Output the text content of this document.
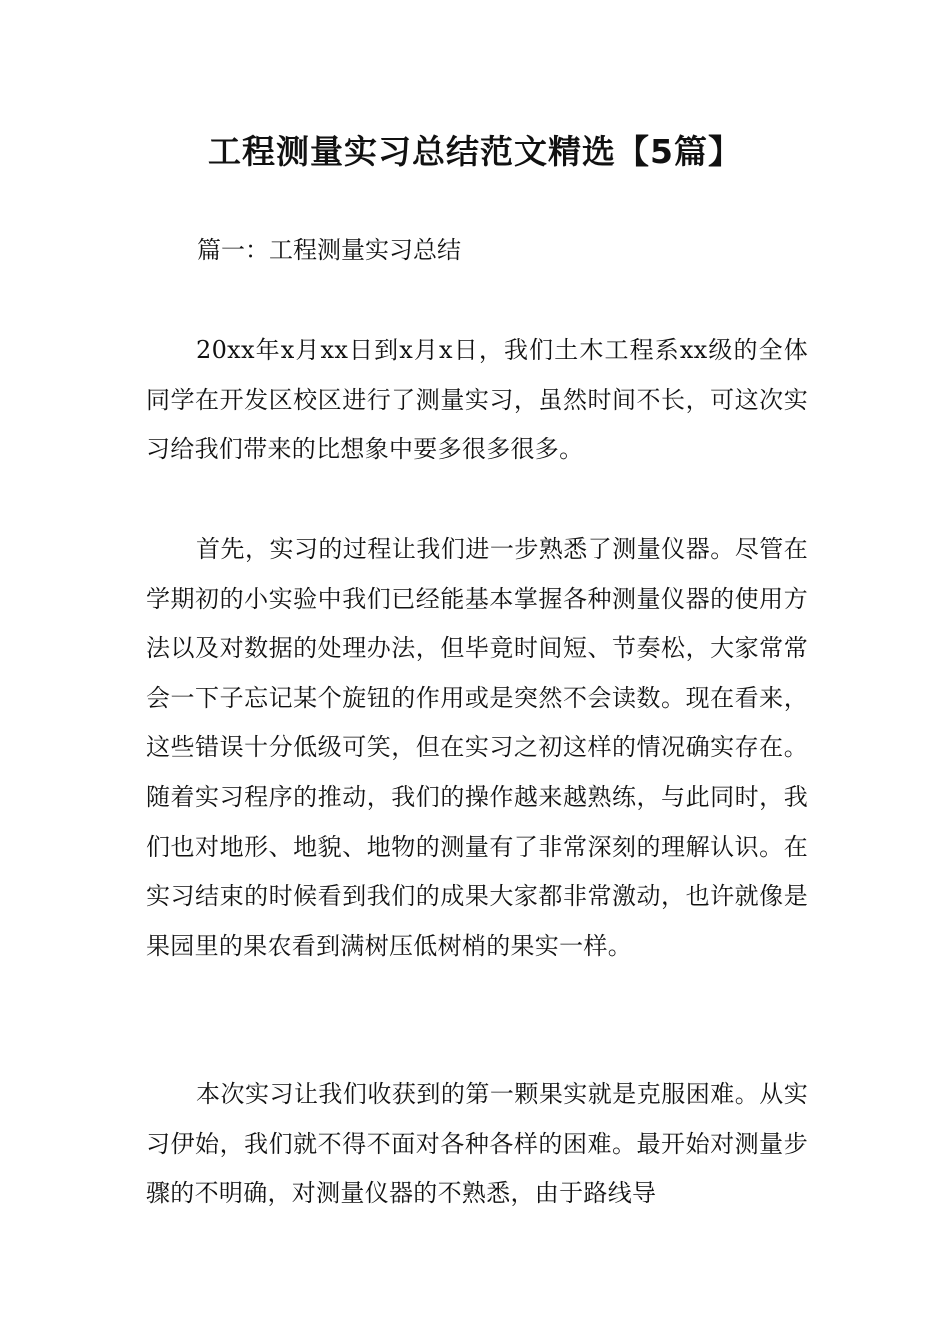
工程测量实习总结范文精选【5篇】

篇一：工程测量实习总结

20xx年x月xx日到x月x日，我们土木工程系xx级的全体同学在开发区校区进行了测量实习，虽然时间不长，可这次实习给我们带来的比想象中要多很多很多。

首先，实习的过程让我们进一步熟悉了测量仪器。尽管在学期初的小实验中我们已经能基本掌握各种测量仪器的使用方法以及对数据的处理办法，但毕竟时间短、节奏松，大家常常会一下子忘记某个旋钮的作用或是突然不会读数。现在看来，这些错误十分低级可笑，但在实习之初这样的情况确实存在。随着实习程序的推动，我们的操作越来越熟练，与此同时，我们也对地形、地貌、地物的测量有了非常深刻的理解认识。在实习结束的时候看到我们的成果大家都非常激动，也许就像是果园里的果农看到满树压低树梢的果实一样。

本次实习让我们收获到的第一颗果实就是克服困难。从实习伊始，我们就不得不面对各种各样的困难。最开始对测量步骤的不明确，对测量仪器的不熟悉，由于路线导
